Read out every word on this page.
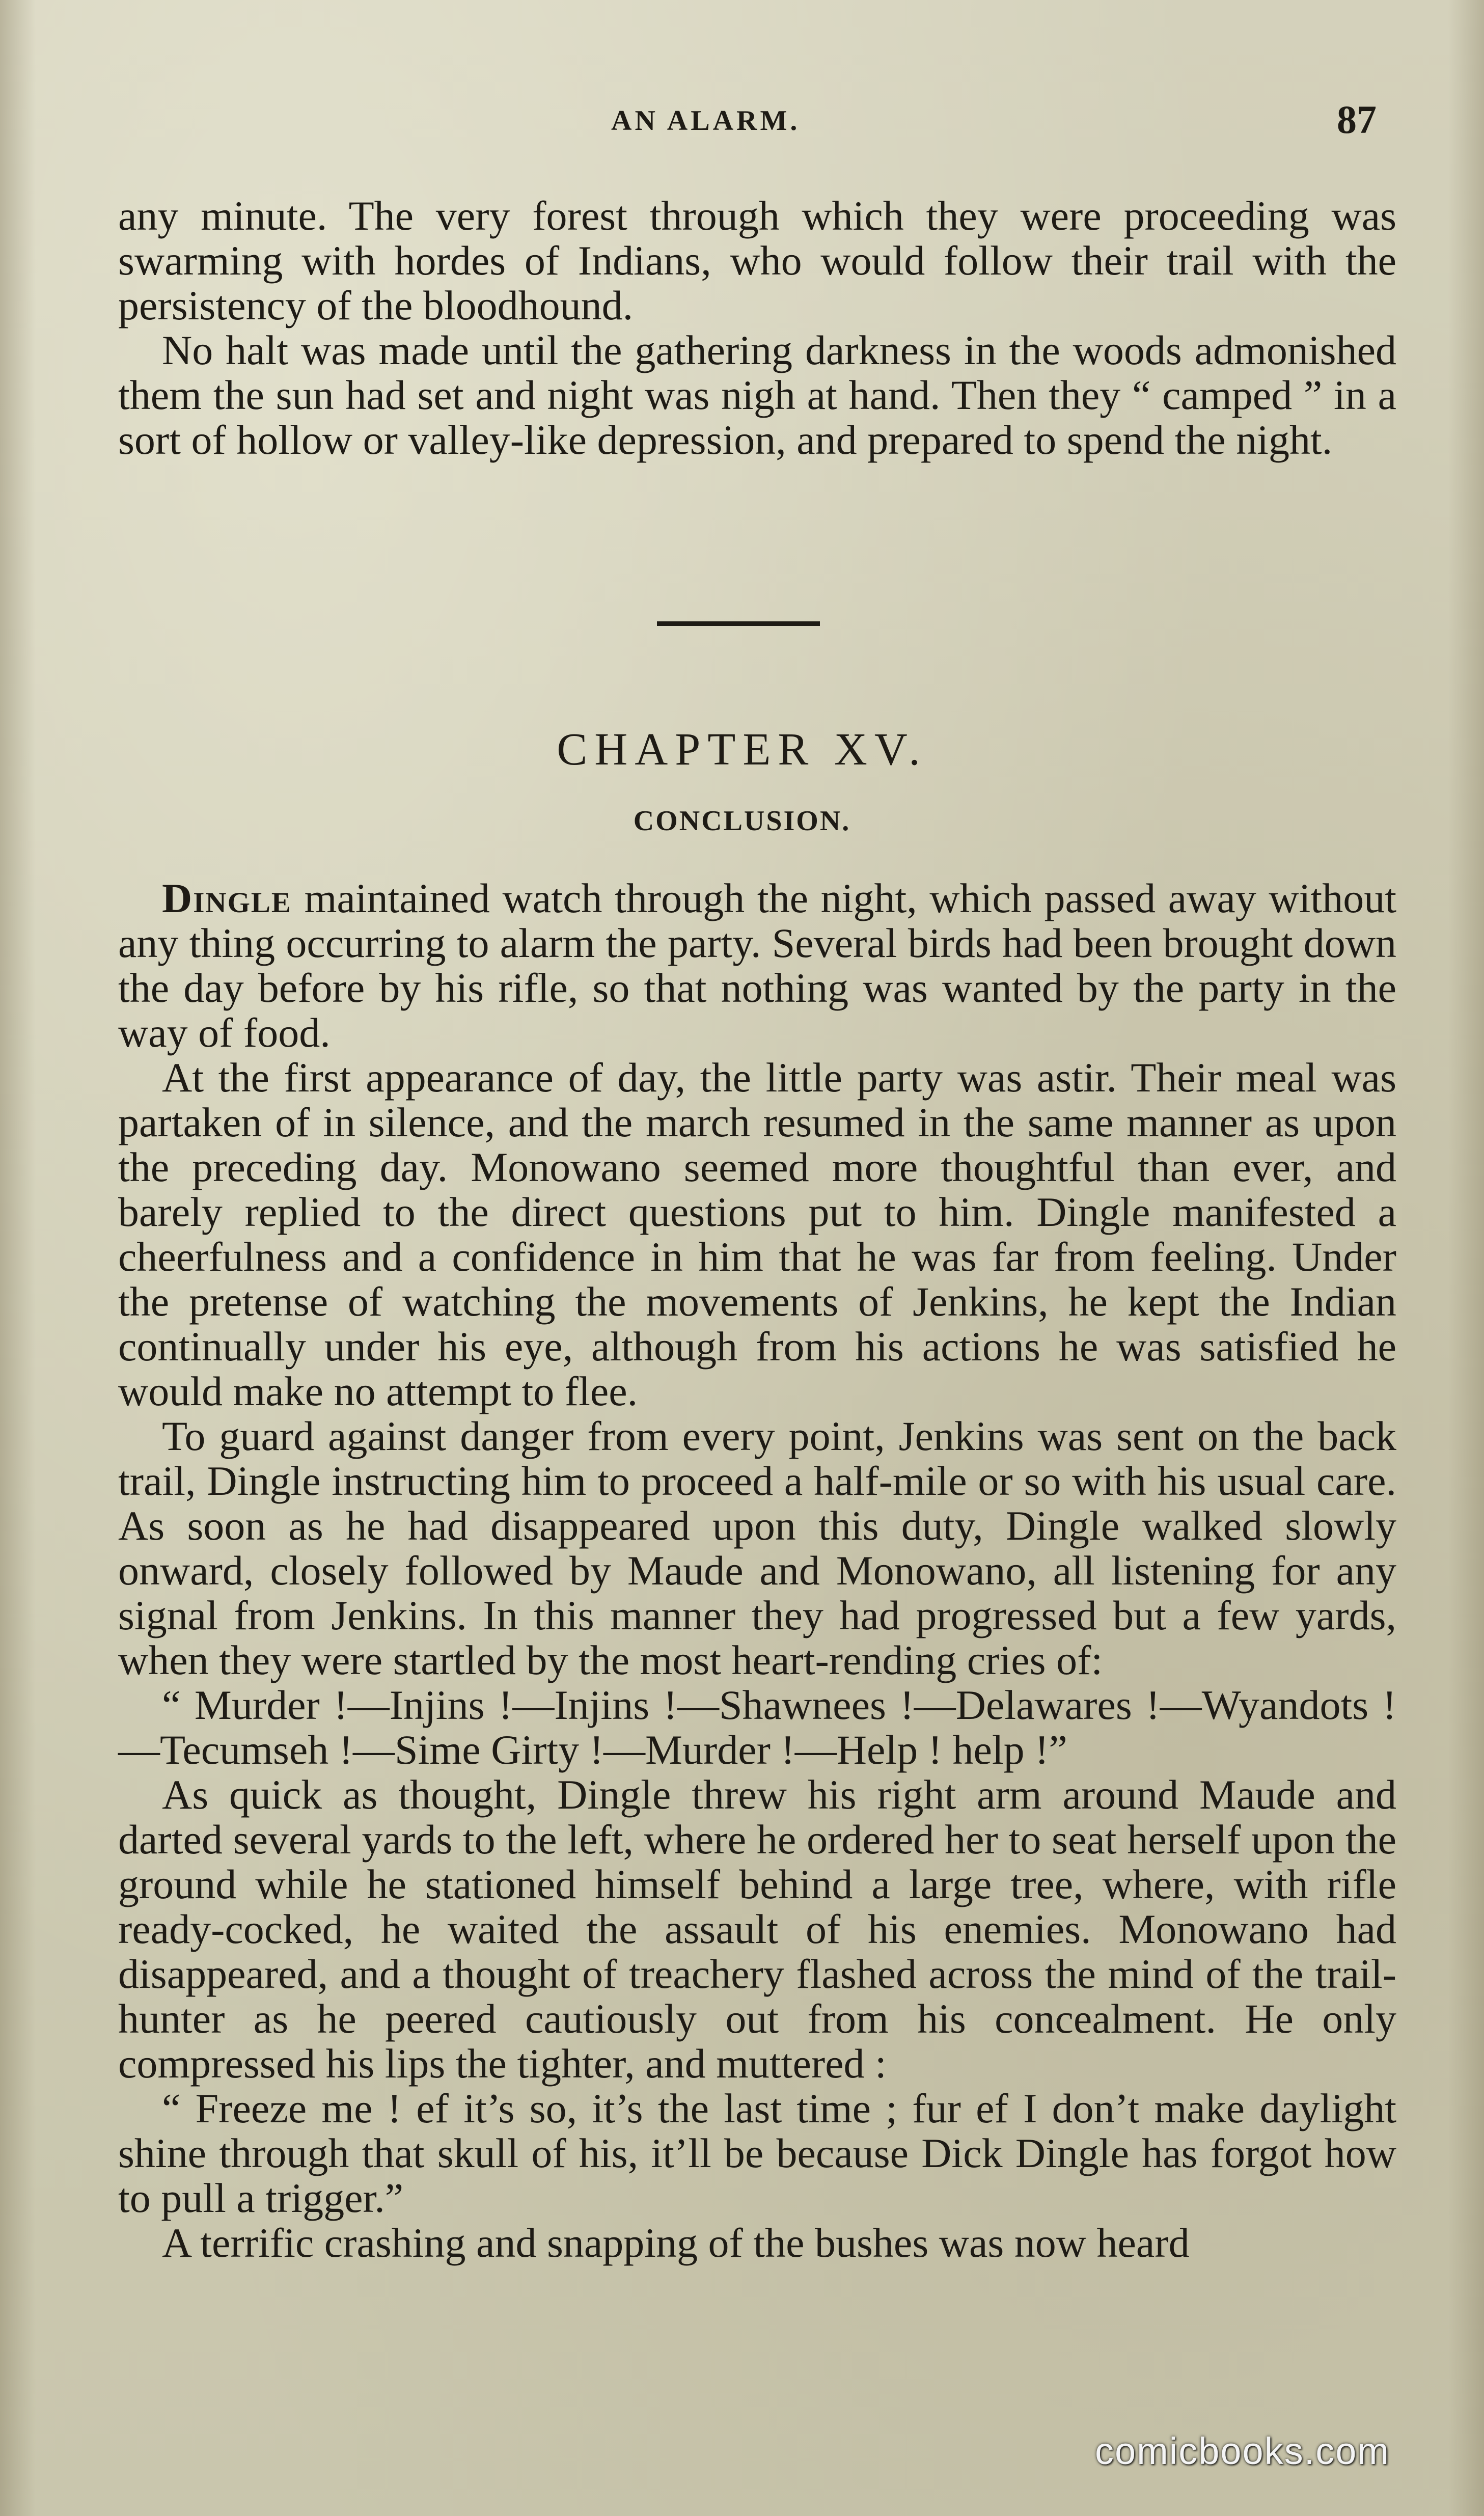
AN ALARM.	87

any minute. The very forest through which they were proceeding was swarming with hordes of Indians, who would follow their trail with the persistency of the bloodhound.

No halt was made until the gathering darkness in the woods admonished them the sun had set and night was nigh at hand. Then they “ camped ” in a sort of hollow or valley-like depression, and prepared to spend the night.

CHAPTER XV.
CONCLUSION.

Dingle maintained watch through the night, which passed away without any thing occurring to alarm the party. Several birds had been brought down the day before by his rifle, so that nothing was wanted by the party in the way of food.

At the first appearance of day, the little party was astir. Their meal was partaken of in silence, and the march resumed in the same manner as upon the preceding day. Monowano seemed more thoughtful than ever, and barely replied to the direct questions put to him. Dingle manifested a cheerfulness and a confidence in him that he was far from feeling. Under the pretense of watching the movements of Jenkins, he kept the Indian continually under his eye, although from his actions he was satisfied he would make no attempt to flee.

To guard against danger from every point, Jenkins was sent on the back trail, Dingle instructing him to proceed a half-mile or so with his usual care. As soon as he had disappeared upon this duty, Dingle walked slowly onward, closely followed by Maude and Monowano, all listening for any signal from Jenkins. In this manner they had progressed but a few yards, when they were startled by the most heart-rending cries of:

“ Murder !—Injins !—Injins !—Shawnees !—Delawares !—Wyandots !—Tecumseh !—Sime Girty !—Murder !—Help ! help !”

As quick as thought, Dingle threw his right arm around Maude and darted several yards to the left, where he ordered her to seat herself upon the ground while he stationed himself behind a large tree, where, with rifle ready-cocked, he waited the assault of his enemies. Monowano had disappeared, and a thought of treachery flashed across the mind of the trail-hunter as he peered cautiously out from his concealment. He only compressed his lips the tighter, and muttered :

“ Freeze me ! ef it’s so, it’s the last time ; fur ef I don’t make daylight shine through that skull of his, it’ll be because Dick Dingle has forgot how to pull a trigger.”

A terrific crashing and snapping of the bushes was now heard

comicbooks.com
